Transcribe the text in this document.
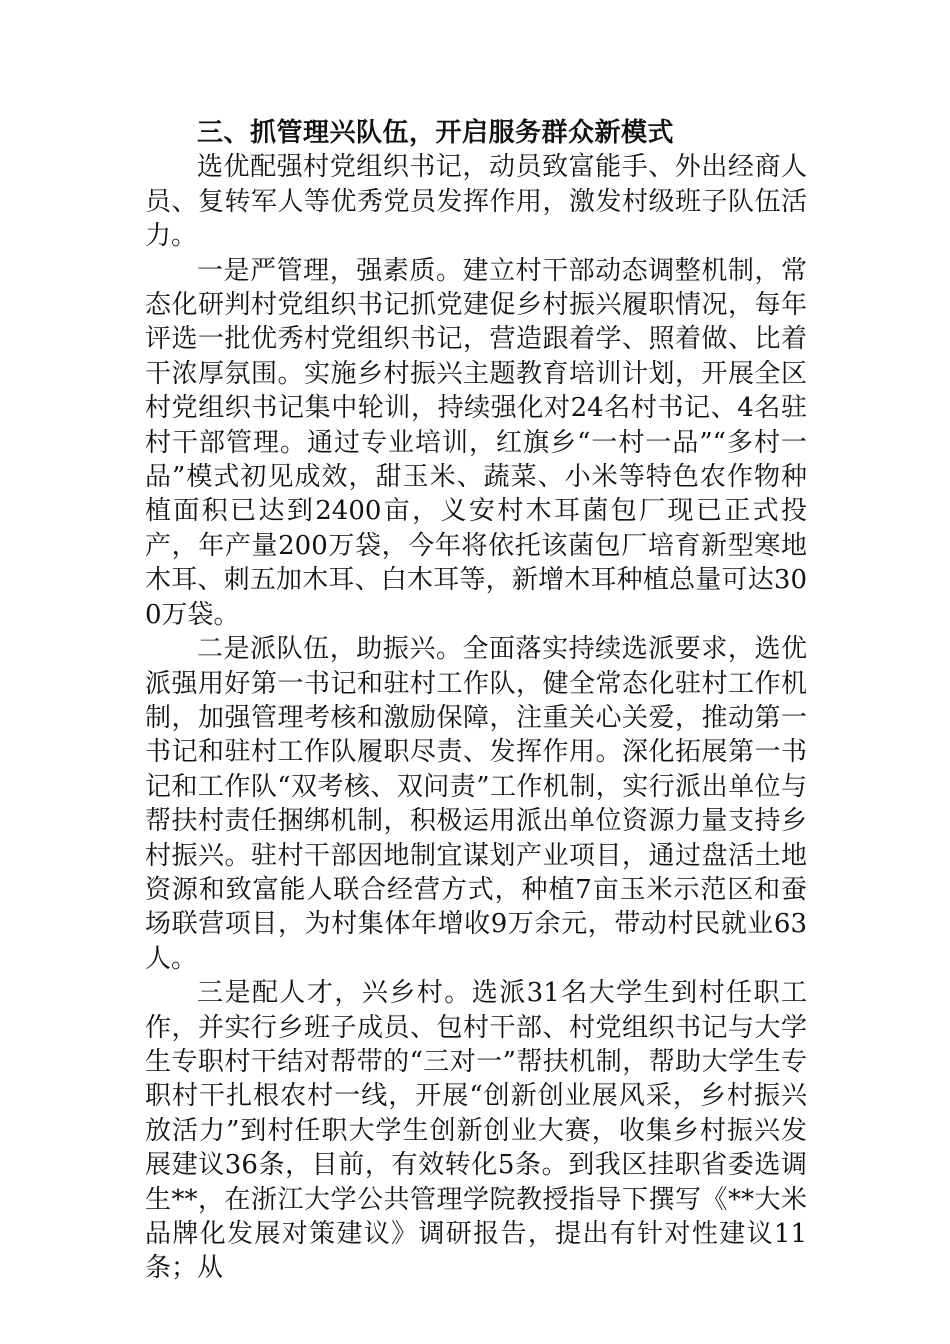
三、抓管理兴队伍，开启服务群众新模式

选优配强村党组织书记，动员致富能手、外出经商人员、复转军人等优秀党员发挥作用，激发村级班子队伍活力。

一是严管理，强素质。建立村干部动态调整机制，常态化研判村党组织书记抓党建促乡村振兴履职情况，每年评选一批优秀村党组织书记，营造跟着学、照着做、比着干浓厚氛围。实施乡村振兴主题教育培训计划，开展全区村党组织书记集中轮训，持续强化对24名村书记、4名驻村干部管理。通过专业培训，红旗乡“一村一品”“多村一品”模式初见成效，甜玉米、蔬菜、小米等特色农作物种植面积已达到2400亩，义安村木耳菌包厂现已正式投产，年产量200万袋，今年将依托该菌包厂培育新型寒地木耳、刺五加木耳、白木耳等，新增木耳种植总量可达300万袋。

二是派队伍，助振兴。全面落实持续选派要求，选优派强用好第一书记和驻村工作队，健全常态化驻村工作机制，加强管理考核和激励保障，注重关心关爱，推动第一书记和驻村工作队履职尽责、发挥作用。深化拓展第一书记和工作队“双考核、双问责”工作机制，实行派出单位与帮扶村责任捆绑机制，积极运用派出单位资源力量支持乡村振兴。驻村干部因地制宜谋划产业项目，通过盘活土地资源和致富能人联合经营方式，种植7亩玉米示范区和蚕场联营项目，为村集体年增收9万余元，带动村民就业63人。

三是配人才，兴乡村。选派31名大学生到村任职工作，并实行乡班子成员、包村干部、村党组织书记与大学生专职村干结对帮带的“三对一”帮扶机制，帮助大学生专职村干扎根农村一线，开展“创新创业展风采，乡村振兴放活力”到村任职大学生创新创业大赛，收集乡村振兴发展建议36条，目前，有效转化5条。到我区挂职省委选调生**，在浙江大学公共管理学院教授指导下撰写《**大米品牌化发展对策建议》调研报告，提出有针对性建议11条；从
